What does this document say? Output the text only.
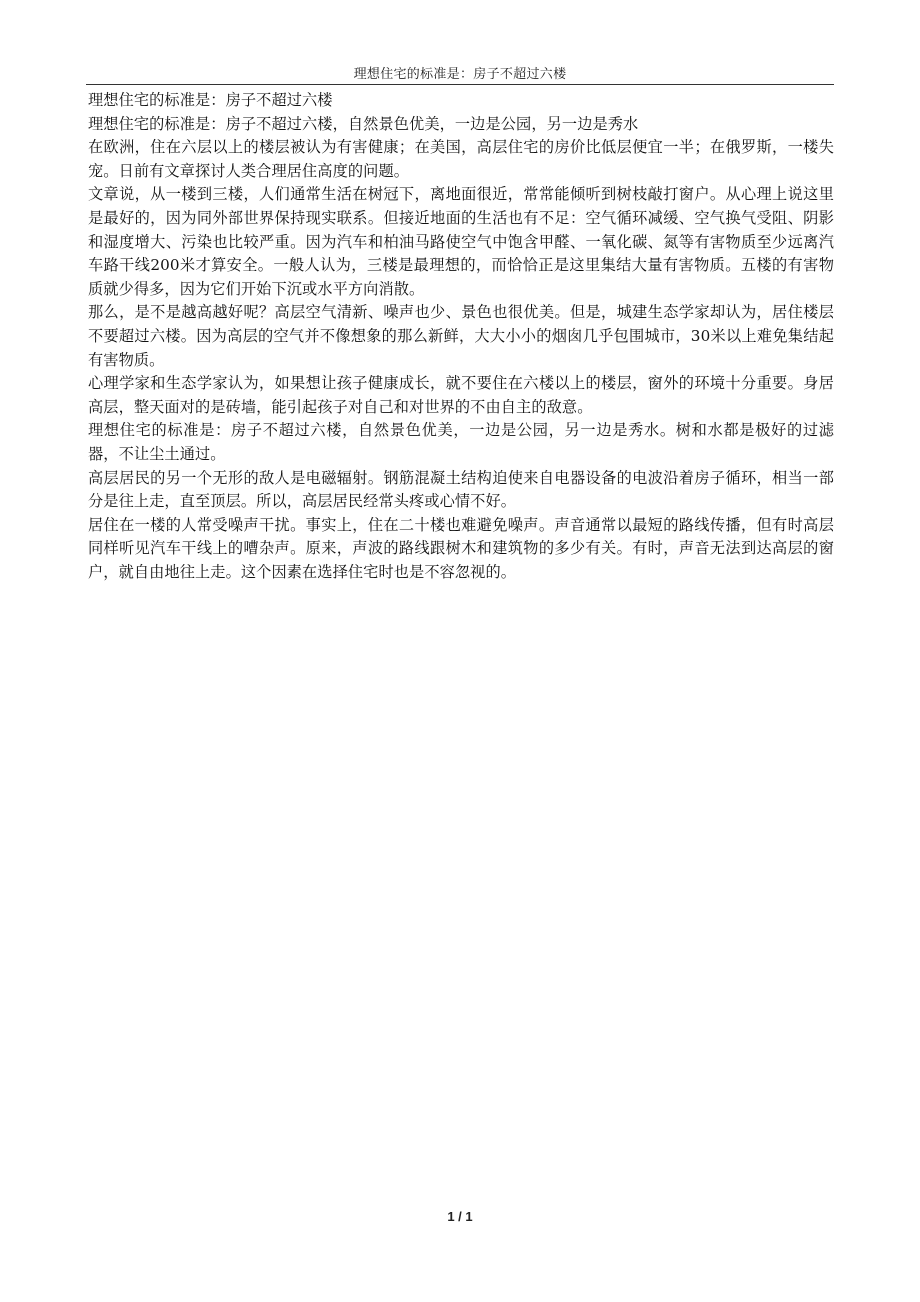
理想住宅的标准是：房子不超过六楼

理想住宅的标准是：房子不超过六楼

理想住宅的标准是：房子不超过六楼，自然景色优美，一边是公园，另一边是秀水

在欧洲，住在六层以上的楼层被认为有害健康；在美国，高层住宅的房价比低层便宜一半；在俄罗斯，一楼失宠。日前有文章探讨人类合理居住高度的问题。

文章说，从一楼到三楼，人们通常生活在树冠下，离地面很近，常常能倾听到树枝敲打窗户。从心理上说这里是最好的，因为同外部世界保持现实联系。但接近地面的生活也有不足：空气循环减缓、空气换气受阻、阴影和湿度增大、污染也比较严重。因为汽车和柏油马路使空气中饱含甲醛、一氧化碳、氮等有害物质至少远离汽车路干线200米才算安全。一般人认为，三楼是最理想的，而恰恰正是这里集结大量有害物质。五楼的有害物质就少得多，因为它们开始下沉或水平方向消散。

那么，是不是越高越好呢？高层空气清新、噪声也少、景色也很优美。但是，城建生态学家却认为，居住楼层不要超过六楼。因为高层的空气并不像想象的那么新鲜，大大小小的烟囱几乎包围城市，30米以上难免集结起有害物质。

心理学家和生态学家认为，如果想让孩子健康成长，就不要住在六楼以上的楼层，窗外的环境十分重要。身居高层，整天面对的是砖墙，能引起孩子对自己和对世界的不由自主的敌意。

理想住宅的标准是：房子不超过六楼，自然景色优美，一边是公园，另一边是秀水。树和水都是极好的过滤器，不让尘土通过。

高层居民的另一个无形的敌人是电磁辐射。钢筋混凝土结构迫使来自电器设备的电波沿着房子循环，相当一部分是往上走，直至顶层。所以，高层居民经常头疼或心情不好。

居住在一楼的人常受噪声干扰。事实上，住在二十楼也难避免噪声。声音通常以最短的路线传播，但有时高层同样听见汽车干线上的嘈杂声。原来，声波的路线跟树木和建筑物的多少有关。有时，声音无法到达高层的窗户，就自由地往上走。这个因素在选择住宅时也是不容忽视的。

1 / 1
